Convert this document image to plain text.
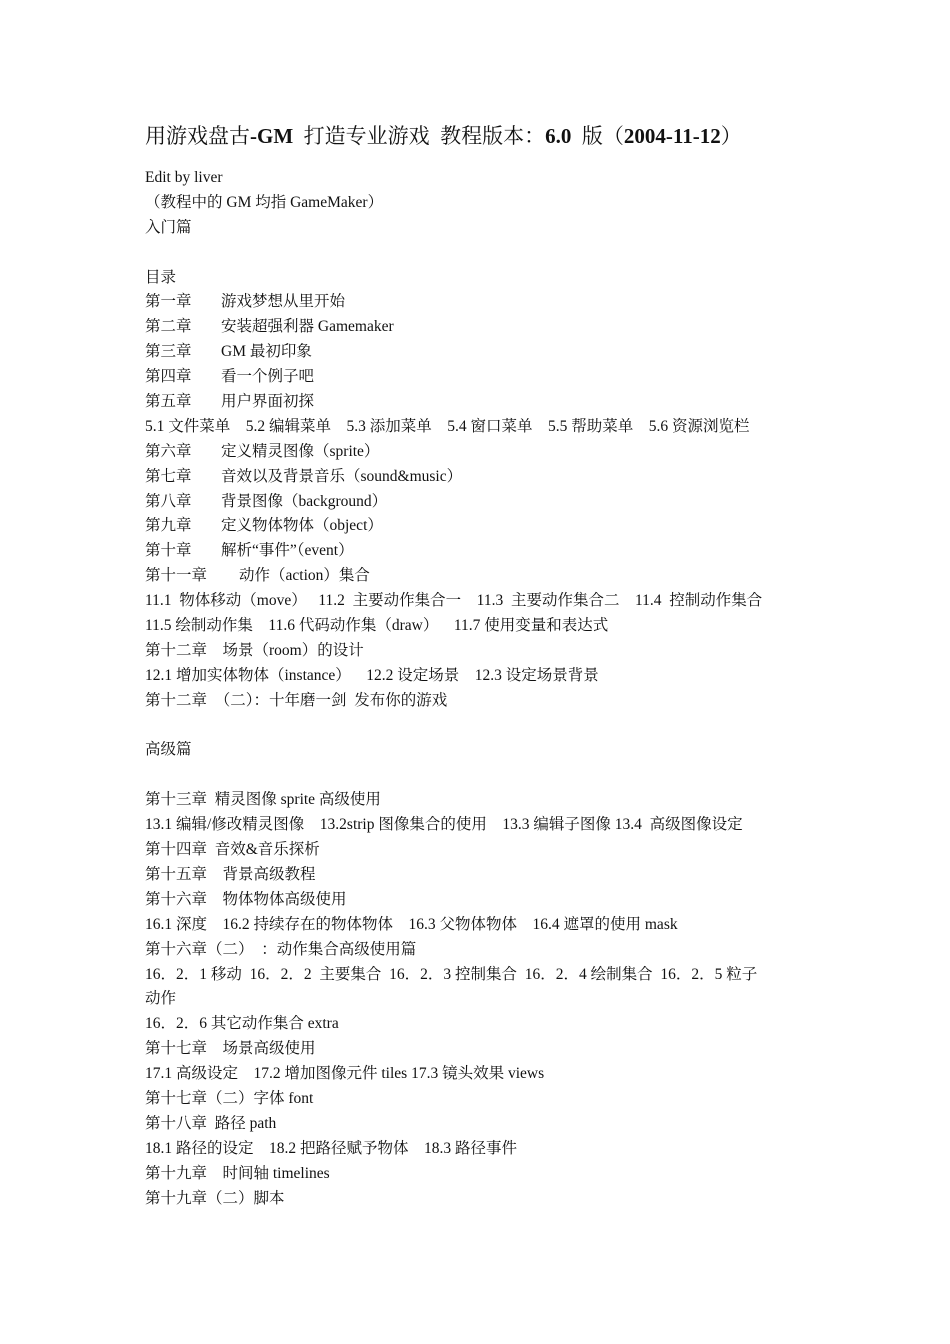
用游戏盘古-GM  打造专业游戏  教程版本：6.0  版（2004-11-12）
Edit by liver
（教程中的 GM 均指 GameMaker）
入门篇
目录
第一章 游戏梦想从里开始
第二章 安装超强利器 Gamemaker
第三章 GM 最初印象
第四章 看一个例子吧
第五章 用户界面初探
5.1 文件菜单    5.2 编辑菜单    5.3 添加菜单    5.4 窗口菜单    5.5 帮助菜单    5.6 资源浏览栏
第六章 定义精灵图像（sprite）
第七章 音效以及背景音乐（sound&music）
第八章 背景图像（background）
第九章 定义物体物体（object）
第十章 解析“事件”（event）
第十一章 动作（action）集合
11.1  物体移动（move）   11.2  主要动作集合一    11.3  主要动作集合二    11.4  控制动作集合
11.5 绘制动作集    11.6 代码动作集（draw）    11.7 使用变量和表达式
第十二章    场景（room）的设计
12.1 增加实体物体（instance）    12.2 设定场景    12.3 设定场景背景
第十二章  （二）：十年磨一剑  发布你的游戏
高级篇
第十三章  精灵图像 sprite 高级使用
13.1 编辑/修改精灵图像    13.2strip 图像集合的使用    13.3 编辑子图像 13.4  高级图像设定
第十四章  音效&音乐探析
第十五章    背景高级教程
第十六章    物体物体高级使用
16.1 深度    16.2 持续存在的物体物体    16.3 父物体物体    16.4 遮罩的使用 mask
第十六章（二）  ：动作集合高级使用篇
16．2．1 移动  16．2．2  主要集合  16．2．3 控制集合  16．2．4 绘制集合  16．2．5 粒子
动作
16．2．6 其它动作集合 extra
第十七章    场景高级使用
17.1 高级设定    17.2 增加图像元件 tiles 17.3 镜头效果 views
第十七章（二）字体 font
第十八章  路径 path
18.1 路径的设定    18.2 把路径赋予物体    18.3 路径事件
第十九章    时间轴 timelines
第十九章（二）脚本
